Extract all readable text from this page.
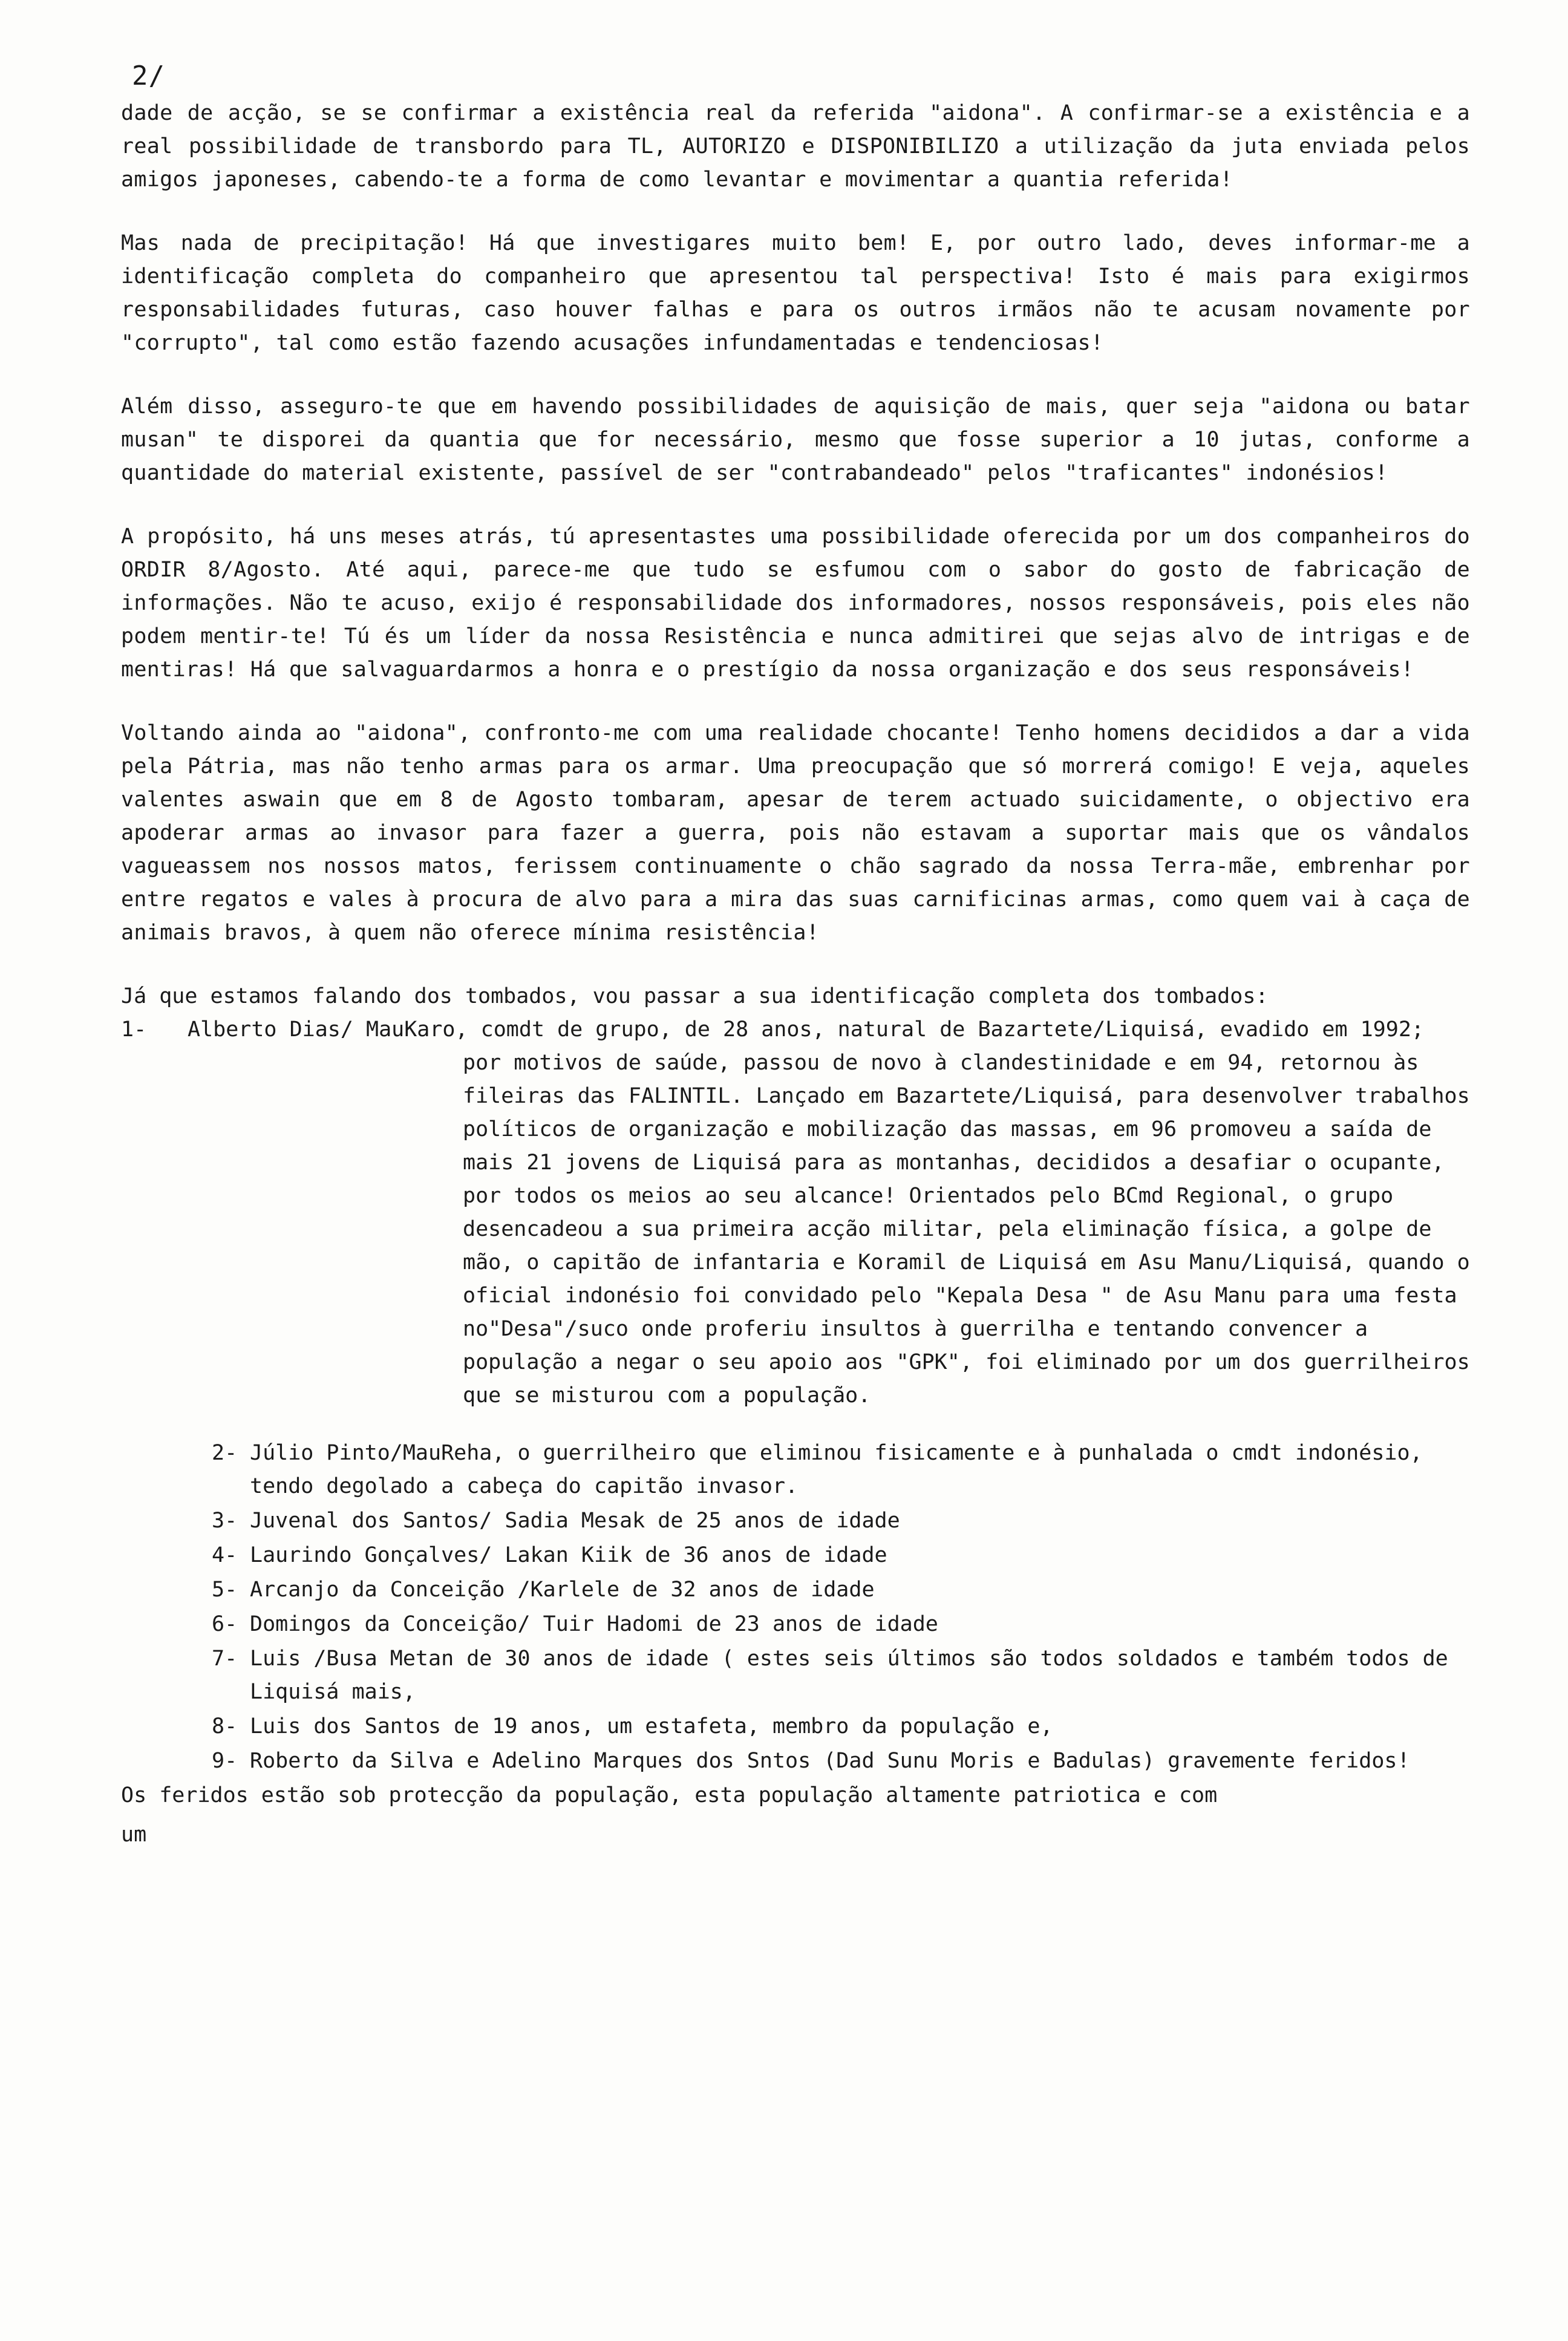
2/

dade de acção, se se confirmar a existência real da referida "aidona". A confirmar-se a existência e a real possibilidade de transbordo para TL, AUTORIZO e DISPONIBILIZO a utilização da juta enviada pelos amigos japoneses, cabendo-te a forma de como levantar e movimentar a quantia referida!

Mas nada de precipitação! Há que investigares muito bem! E, por outro lado, deves informar-me a identificação completa do companheiro que apresentou tal perspectiva! Isto é mais para exigirmos responsabilidades futuras, caso houver falhas e para os outros irmãos não te acusam novamente por "corrupto", tal como estão fazendo acusações infundamentadas e tendenciosas!

Além disso, asseguro-te que em havendo possibilidades de aquisição de mais, quer seja "aidona ou batar musan" te disporei da quantia que for necessário, mesmo que fosse superior a 10 jutas, conforme a quantidade do material existente, passível de ser "contrabandeado" pelos "traficantes" indonésios!

A propósito, há uns meses atrás, tú apresentastes uma possibilidade oferecida por um dos companheiros do ORDIR 8/Agosto. Até aqui, parece-me que tudo se esfumou com o sabor do gosto de fabricação de informações. Não te acuso, exijo é responsabilidade dos informadores, nossos responsáveis, pois eles não podem mentir-te! Tú és um líder da nossa Resistência e nunca admitirei que sejas alvo de intrigas e de mentiras! Há que salvaguardarmos a honra e o prestígio da nossa organização e dos seus responsáveis!

Voltando ainda ao "aidona", confronto-me com uma realidade chocante! Tenho homens decididos a dar a vida pela Pátria, mas não tenho armas para os armar. Uma preocupação que só morrerá comigo! E veja, aqueles valentes aswain que em 8 de Agosto tombaram, apesar de terem actuado suicidamente, o objectivo era apoderar armas ao invasor para fazer a guerra, pois não estavam a suportar mais que os vândalos vagueassem nos nossos matos, ferissem continuamente o chão sagrado da nossa Terra-mãe, embrenhar por entre regatos e vales à procura de alvo para a mira das suas carnificinas armas, como quem vai à caça de animais bravos, à quem não oferece mínima resistência!

Já que estamos falando dos tombados, vou passar a sua identificação completa dos tombados:

1- Alberto Dias/ MauKaro, comdt de grupo, de 28 anos, natural de Bazartete/Liquisá, evadido em 1992; por motivos de saúde, passou de novo à clandestinidade e em 94, retornou às fileiras das FALINTIL. Lançado em Bazartete/Liquisá, para desenvolver trabalhos políticos de organização e mobilização das massas, em 96 promoveu a saída de mais 21 jovens de Liquisá para as montanhas, decididos a desafiar o ocupante, por todos os meios ao seu alcance! Orientados pelo BCmd Regional, o grupo desencadeou a sua primeira acção militar, pela eliminação física, a golpe de mão, o capitão de infantaria e Koramil de Liquisá em Asu Manu/Liquisá, quando o oficial indonésio foi convidado pelo "Kepala Desa " de Asu Manu para uma festa no"Desa"/suco onde proferiu insultos à guerrilha e tentando convencer a população a negar o seu apoio aos "GPK", foi eliminado por um dos guerrilheiros que se misturou com a população.
2- Júlio Pinto/MauReha, o guerrilheiro que eliminou fisicamente e à punhalada o cmdt indonésio, tendo degolado a cabeça do capitão invasor.
3- Juvenal dos Santos/ Sadia Mesak de 25 anos de idade
4- Laurindo Gonçalves/ Lakan Kiik de 36 anos de idade
5- Arcanjo da Conceição /Karlele de 32 anos de idade
6- Domingos da Conceição/ Tuir Hadomi de 23 anos de idade
7- Luis /Busa Metan de 30 anos de idade ( estes seis últimos são todos soldados e também todos de Liquisá mais,
8- Luis dos Santos de 19 anos, um estafeta, membro da população e,
9- Roberto da Silva e Adelino Marques dos Sntos (Dad Sunu Moris e Badulas) gravemente feridos!

Os feridos estão sob protecção da população, esta população altamente patriotica e com

um
